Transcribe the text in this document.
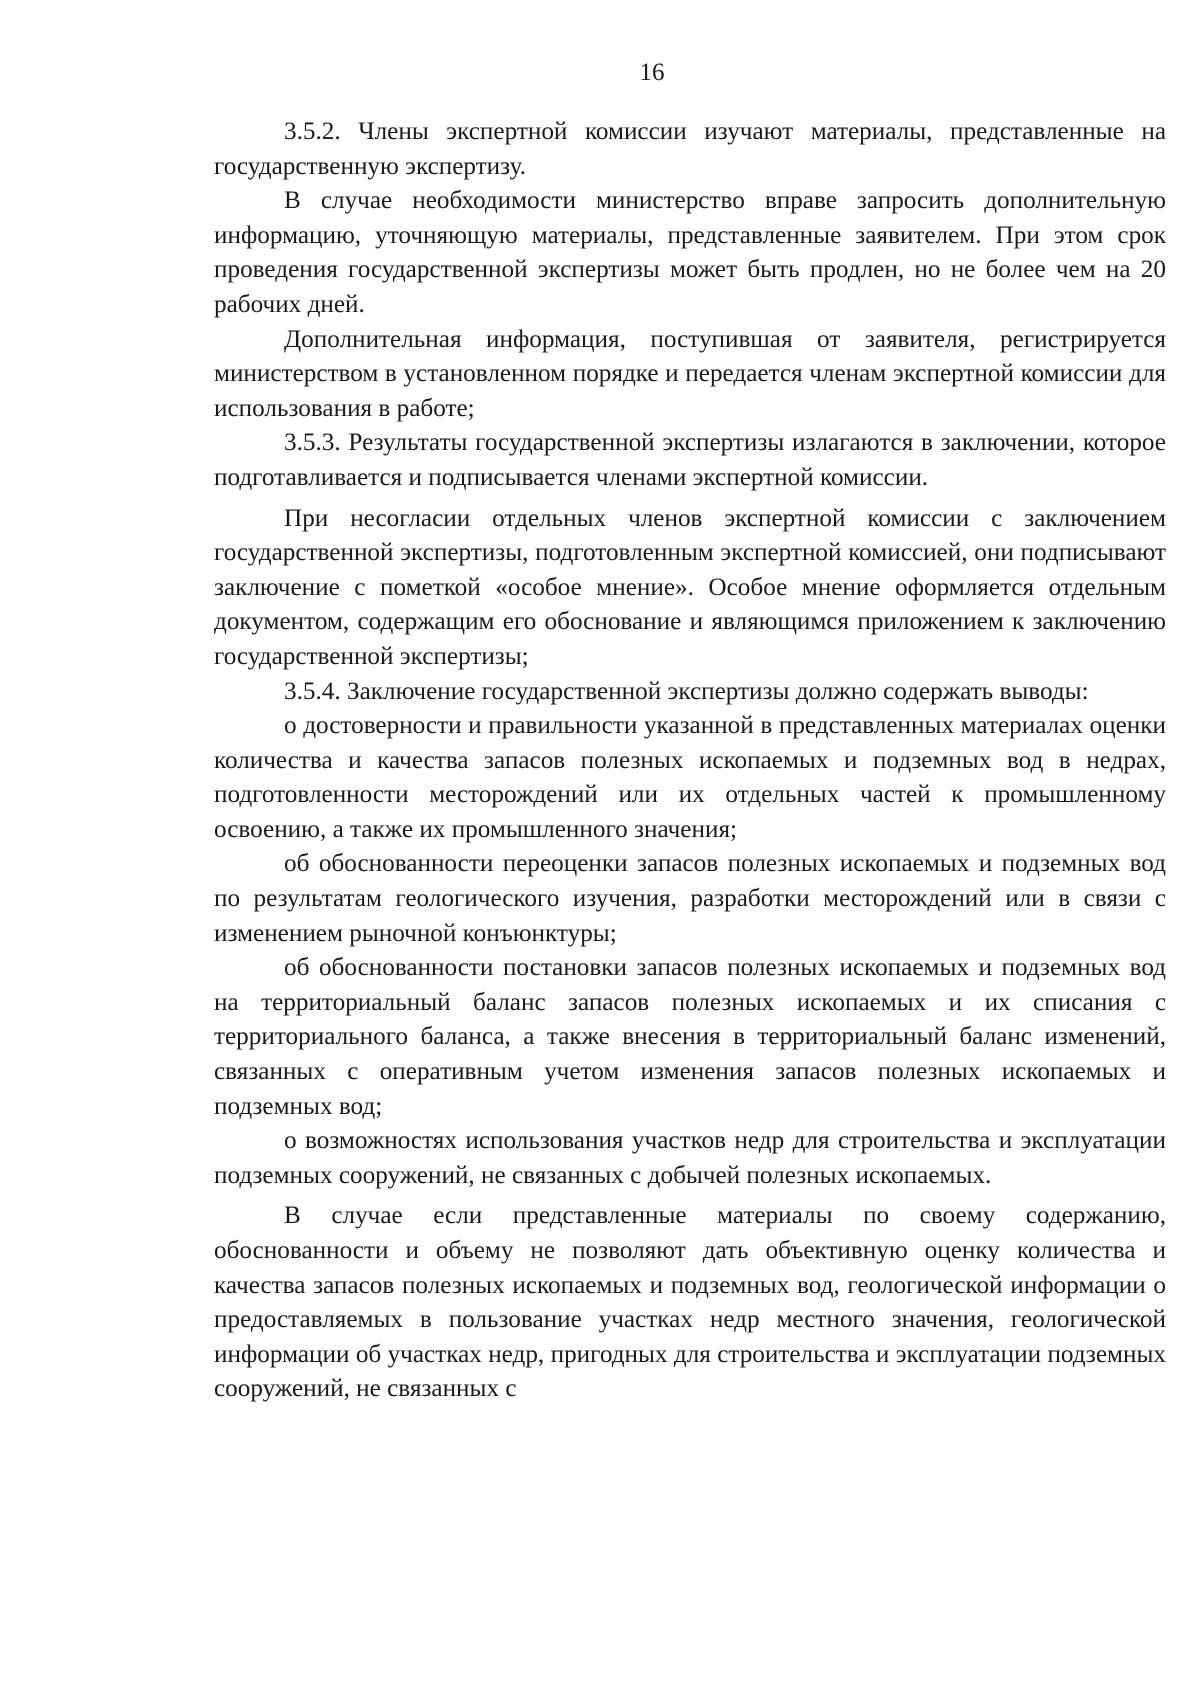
16

3.5.2. Члены экспертной комиссии изучают материалы, представленные на государственную экспертизу.

В случае необходимости министерство вправе запросить дополнительную информацию, уточняющую материалы, представленные заявителем. При этом срок проведения государственной экспертизы может быть продлен, но не более чем на 20 рабочих дней.

Дополнительная информация, поступившая от заявителя, регистрируется министерством в установленном порядке и передается членам экспертной комиссии для использования в работе;

3.5.3. Результаты государственной экспертизы излагаются в заключении, которое подготавливается и подписывается членами экспертной комиссии.

При несогласии отдельных членов экспертной комиссии с заключением государственной экспертизы, подготовленным экспертной комиссией, они подписывают заключение с пометкой «особое мнение». Особое мнение оформляется отдельным документом, содержащим его обоснование и являющимся приложением к заключению государственной экспертизы;

3.5.4. Заключение государственной экспертизы должно содержать выводы:

о достоверности и правильности указанной в представленных материалах оценки количества и качества запасов полезных ископаемых и подземных вод в недрах, подготовленности месторождений или их отдельных частей к промышленному освоению, а также их промышленного значения;

об обоснованности переоценки запасов полезных ископаемых и подземных вод по результатам геологического изучения, разработки месторождений или в связи с изменением рыночной конъюнктуры;

об обоснованности постановки запасов полезных ископаемых и подземных вод на территориальный баланс запасов полезных ископаемых и их списания с территориального баланса, а также внесения в территориальный баланс изменений, связанных с оперативным учетом изменения запасов полезных ископаемых и подземных вод;

о возможностях использования участков недр для строительства и эксплуатации подземных сооружений, не связанных с добычей полезных ископаемых.

В случае если представленные материалы по своему содержанию, обоснованности и объему не позволяют дать объективную оценку количества и качества запасов полезных ископаемых и подземных вод, геологической информации о предоставляемых в пользование участках недр местного значения, геологической информации об участках недр, пригодных для строительства и эксплуатации подземных сооружений, не связанных с
